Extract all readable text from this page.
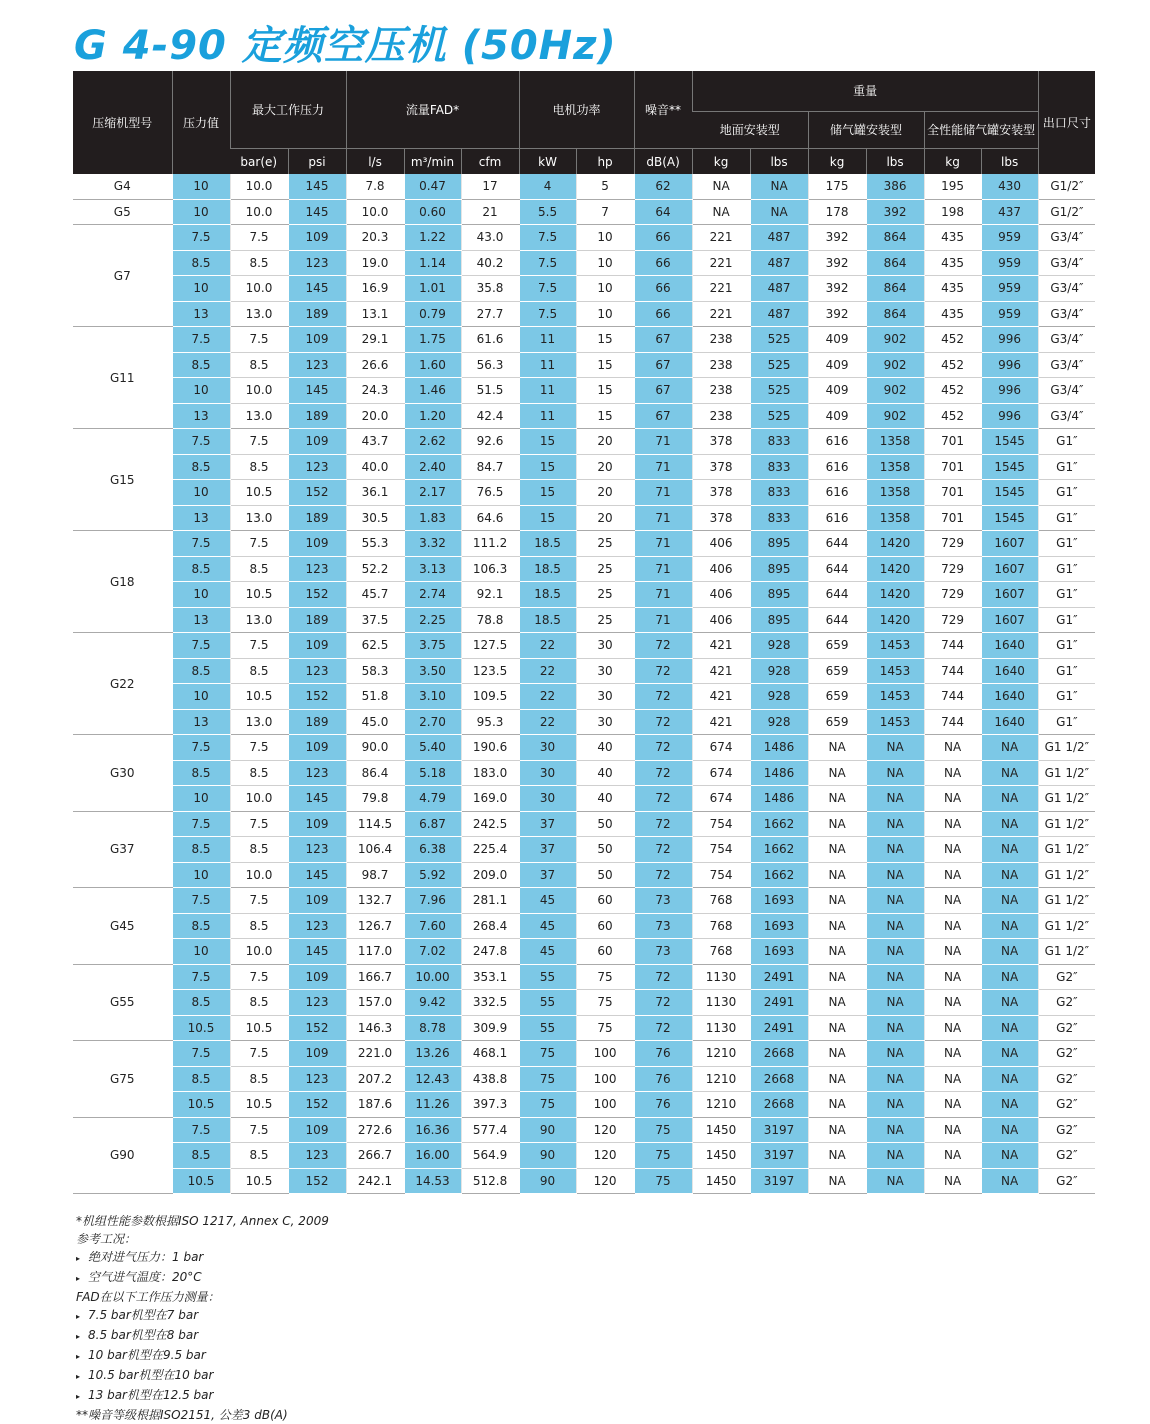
G 4-90 定频空压机 (50Hz)
压缩机型号	压力值	最大工作压力		流量FAD*			电机功率		噪音**	重量						出口尺寸
										地面安装型		储气罐安装型		全性能储气罐安装型		
		bar(e)	psi	l/s	m³/min	cfm	kW	hp	dB(A)	kg	lbs	kg	lbs	kg	lbs	
G4	10	10.0	145	7.8	0.47	17	4	5	62	NA	NA	175	386	195	430	G1/2″
G5	10	10.0	145	10.0	0.60	21	5.5	7	64	NA	NA	178	392	198	437	G1/2″
G7	7.5	7.5	109	20.3	1.22	43.0	7.5	10	66	221	487	392	864	435	959	G3/4″
	8.5	8.5	123	19.0	1.14	40.2	7.5	10	66	221	487	392	864	435	959	G3/4″
	10	10.0	145	16.9	1.01	35.8	7.5	10	66	221	487	392	864	435	959	G3/4″
	13	13.0	189	13.1	0.79	27.7	7.5	10	66	221	487	392	864	435	959	G3/4″
G11	7.5	7.5	109	29.1	1.75	61.6	11	15	67	238	525	409	902	452	996	G3/4″
	8.5	8.5	123	26.6	1.60	56.3	11	15	67	238	525	409	902	452	996	G3/4″
	10	10.0	145	24.3	1.46	51.5	11	15	67	238	525	409	902	452	996	G3/4″
	13	13.0	189	20.0	1.20	42.4	11	15	67	238	525	409	902	452	996	G3/4″
G15	7.5	7.5	109	43.7	2.62	92.6	15	20	71	378	833	616	1358	701	1545	G1″
	8.5	8.5	123	40.0	2.40	84.7	15	20	71	378	833	616	1358	701	1545	G1″
	10	10.5	152	36.1	2.17	76.5	15	20	71	378	833	616	1358	701	1545	G1″
	13	13.0	189	30.5	1.83	64.6	15	20	71	378	833	616	1358	701	1545	G1″
G18	7.5	7.5	109	55.3	3.32	111.2	18.5	25	71	406	895	644	1420	729	1607	G1″
	8.5	8.5	123	52.2	3.13	106.3	18.5	25	71	406	895	644	1420	729	1607	G1″
	10	10.5	152	45.7	2.74	92.1	18.5	25	71	406	895	644	1420	729	1607	G1″
	13	13.0	189	37.5	2.25	78.8	18.5	25	71	406	895	644	1420	729	1607	G1″
G22	7.5	7.5	109	62.5	3.75	127.5	22	30	72	421	928	659	1453	744	1640	G1″
	8.5	8.5	123	58.3	3.50	123.5	22	30	72	421	928	659	1453	744	1640	G1″
	10	10.5	152	51.8	3.10	109.5	22	30	72	421	928	659	1453	744	1640	G1″
	13	13.0	189	45.0	2.70	95.3	22	30	72	421	928	659	1453	744	1640	G1″
G30	7.5	7.5	109	90.0	5.40	190.6	30	40	72	674	1486	NA	NA	NA	NA	G1 1/2″
	8.5	8.5	123	86.4	5.18	183.0	30	40	72	674	1486	NA	NA	NA	NA	G1 1/2″
	10	10.0	145	79.8	4.79	169.0	30	40	72	674	1486	NA	NA	NA	NA	G1 1/2″
G37	7.5	7.5	109	114.5	6.87	242.5	37	50	72	754	1662	NA	NA	NA	NA	G1 1/2″
	8.5	8.5	123	106.4	6.38	225.4	37	50	72	754	1662	NA	NA	NA	NA	G1 1/2″
	10	10.0	145	98.7	5.92	209.0	37	50	72	754	1662	NA	NA	NA	NA	G1 1/2″
G45	7.5	7.5	109	132.7	7.96	281.1	45	60	73	768	1693	NA	NA	NA	NA	G1 1/2″
	8.5	8.5	123	126.7	7.60	268.4	45	60	73	768	1693	NA	NA	NA	NA	G1 1/2″
	10	10.0	145	117.0	7.02	247.8	45	60	73	768	1693	NA	NA	NA	NA	G1 1/2″
G55	7.5	7.5	109	166.7	10.00	353.1	55	75	72	1130	2491	NA	NA	NA	NA	G2″
	8.5	8.5	123	157.0	9.42	332.5	55	75	72	1130	2491	NA	NA	NA	NA	G2″
	10.5	10.5	152	146.3	8.78	309.9	55	75	72	1130	2491	NA	NA	NA	NA	G2″
G75	7.5	7.5	109	221.0	13.26	468.1	75	100	76	1210	2668	NA	NA	NA	NA	G2″
	8.5	8.5	123	207.2	12.43	438.8	75	100	76	1210	2668	NA	NA	NA	NA	G2″
	10.5	10.5	152	187.6	11.26	397.3	75	100	76	1210	2668	NA	NA	NA	NA	G2″
G90	7.5	7.5	109	272.6	16.36	577.4	90	120	75	1450	3197	NA	NA	NA	NA	G2″
	8.5	8.5	123	266.7	16.00	564.9	90	120	75	1450	3197	NA	NA	NA	NA	G2″
	10.5	10.5	152	242.1	14.53	512.8	90	120	75	1450	3197	NA	NA	NA	NA	G2″
*机组性能参数根据ISO 1217, Annex C, 2009
参考工况：
▸ 绝对进气压力：1 bar
▸ 空气进气温度：20°C
FAD在以下工作压力测量：
▸ 7.5 bar机型在7 bar
▸ 8.5 bar机型在8 bar
▸ 10 bar机型在9.5 bar
▸ 10.5 bar机型在10 bar
▸ 13 bar机型在12.5 bar
**噪音等级根据ISO2151, 公差3 dB(A)
